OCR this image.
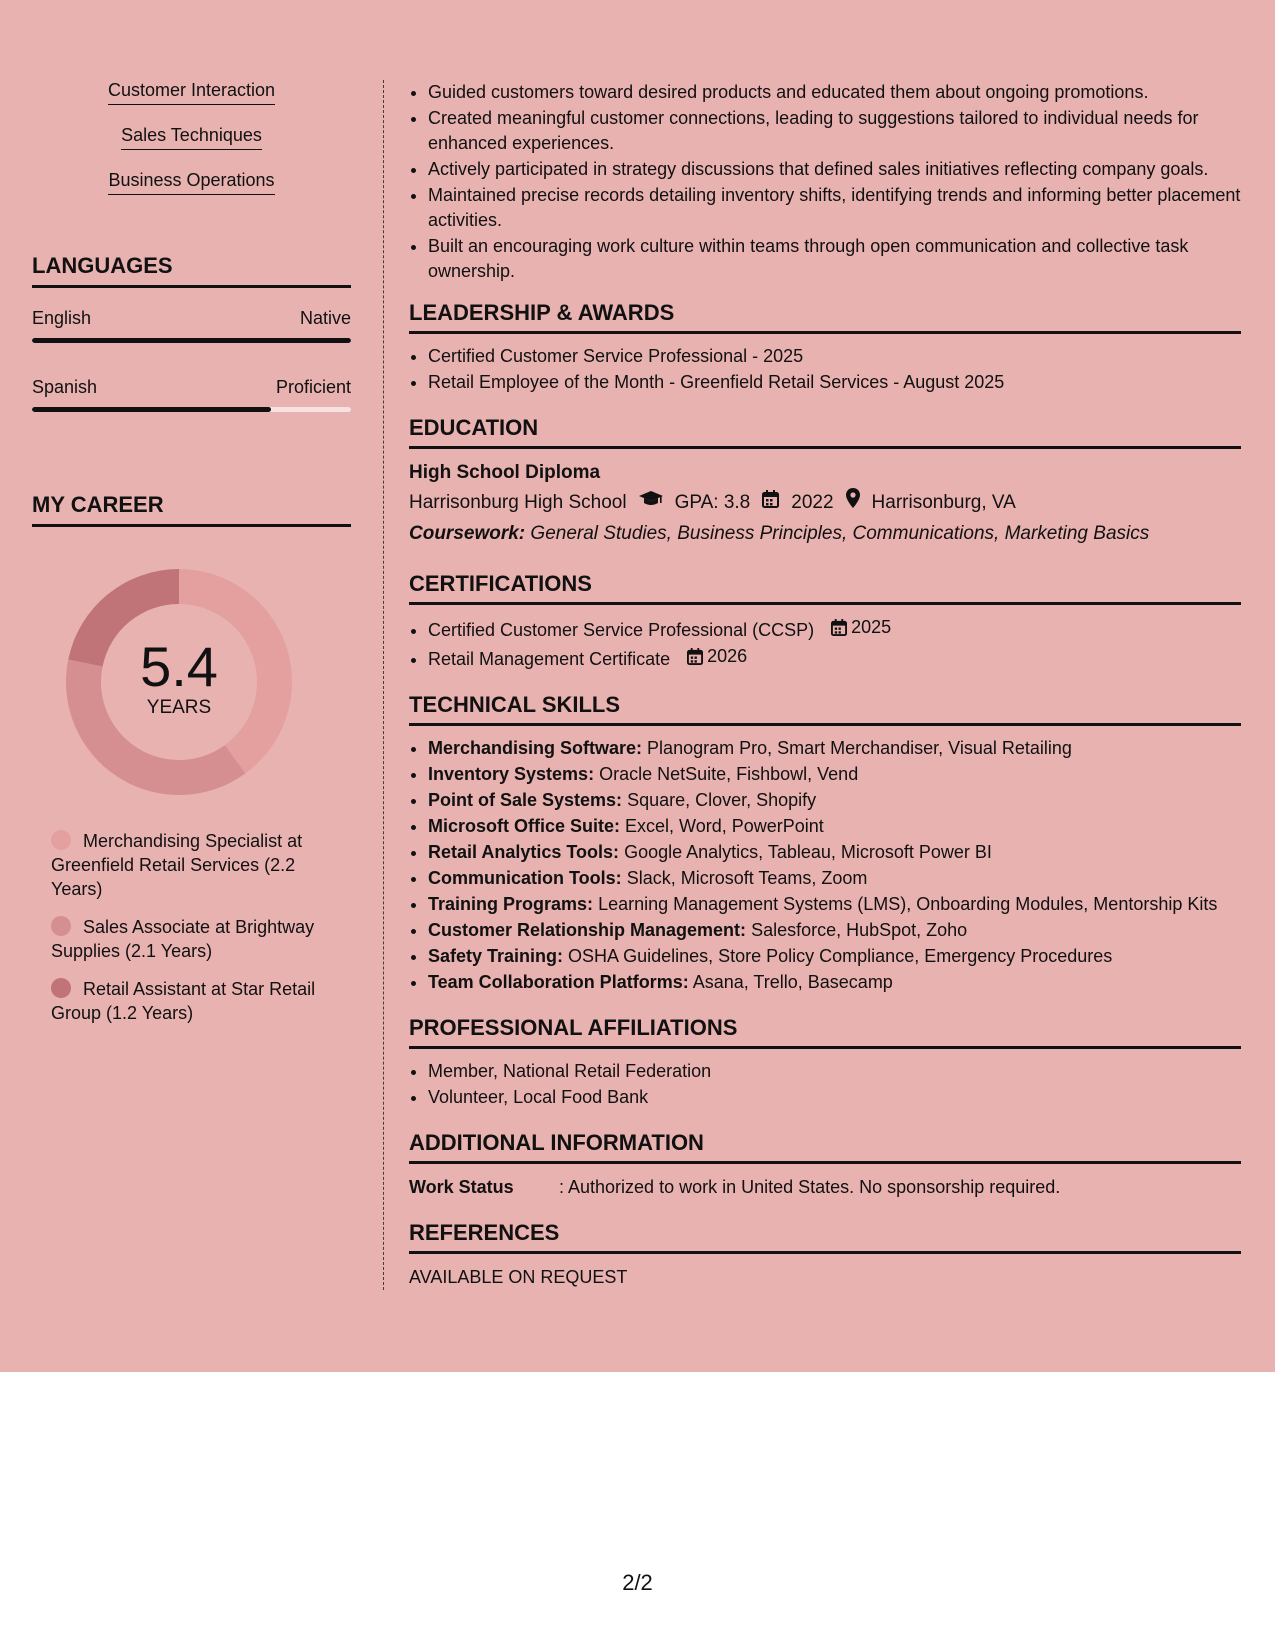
Customer Interaction
Sales Techniques
Business Operations
LANGUAGES
English	Native
Spanish	Proficient
MY CAREER
5.4
YEARS
Merchandising Specialist at Greenfield Retail Services (2.2 Years)
Sales Associate at Brightway Supplies (2.1 Years)
Retail Assistant at Star Retail Group (1.2 Years)
• Guided customers toward desired products and educated them about ongoing promotions.
• Created meaningful customer connections, leading to suggestions tailored to individual needs for enhanced experiences.
• Actively participated in strategy discussions that defined sales initiatives reflecting company goals.
• Maintained precise records detailing inventory shifts, identifying trends and informing better placement activities.
• Built an encouraging work culture within teams through open communication and collective task ownership.
LEADERSHIP & AWARDS
• Certified Customer Service Professional - 2025
• Retail Employee of the Month - Greenfield Retail Services - August 2025
EDUCATION
High School Diploma
Harrisonburg High School	GPA: 3.8 2022 Harrisonburg, VA
Coursework: General Studies, Business Principles, Communications, Marketing Basics
CERTIFICATIONS
• Certified Customer Service Professional (CCSP) 2025
• Retail Management Certificate 2026
TECHNICAL SKILLS
• Merchandising Software: Planogram Pro, Smart Merchandiser, Visual Retailing
• Inventory Systems: Oracle NetSuite, Fishbowl, Vend
• Point of Sale Systems: Square, Clover, Shopify
• Microsoft Office Suite: Excel, Word, PowerPoint
• Retail Analytics Tools: Google Analytics, Tableau, Microsoft Power BI
• Communication Tools: Slack, Microsoft Teams, Zoom
• Training Programs: Learning Management Systems (LMS), Onboarding Modules, Mentorship Kits
• Customer Relationship Management: Salesforce, HubSpot, Zoho
• Safety Training: OSHA Guidelines, Store Policy Compliance, Emergency Procedures
• Team Collaboration Platforms: Asana, Trello, Basecamp
PROFESSIONAL AFFILIATIONS
• Member, National Retail Federation
• Volunteer, Local Food Bank
ADDITIONAL INFORMATION
Work Status	: Authorized to work in United States. No sponsorship required.
REFERENCES
AVAILABLE ON REQUEST
2/2
